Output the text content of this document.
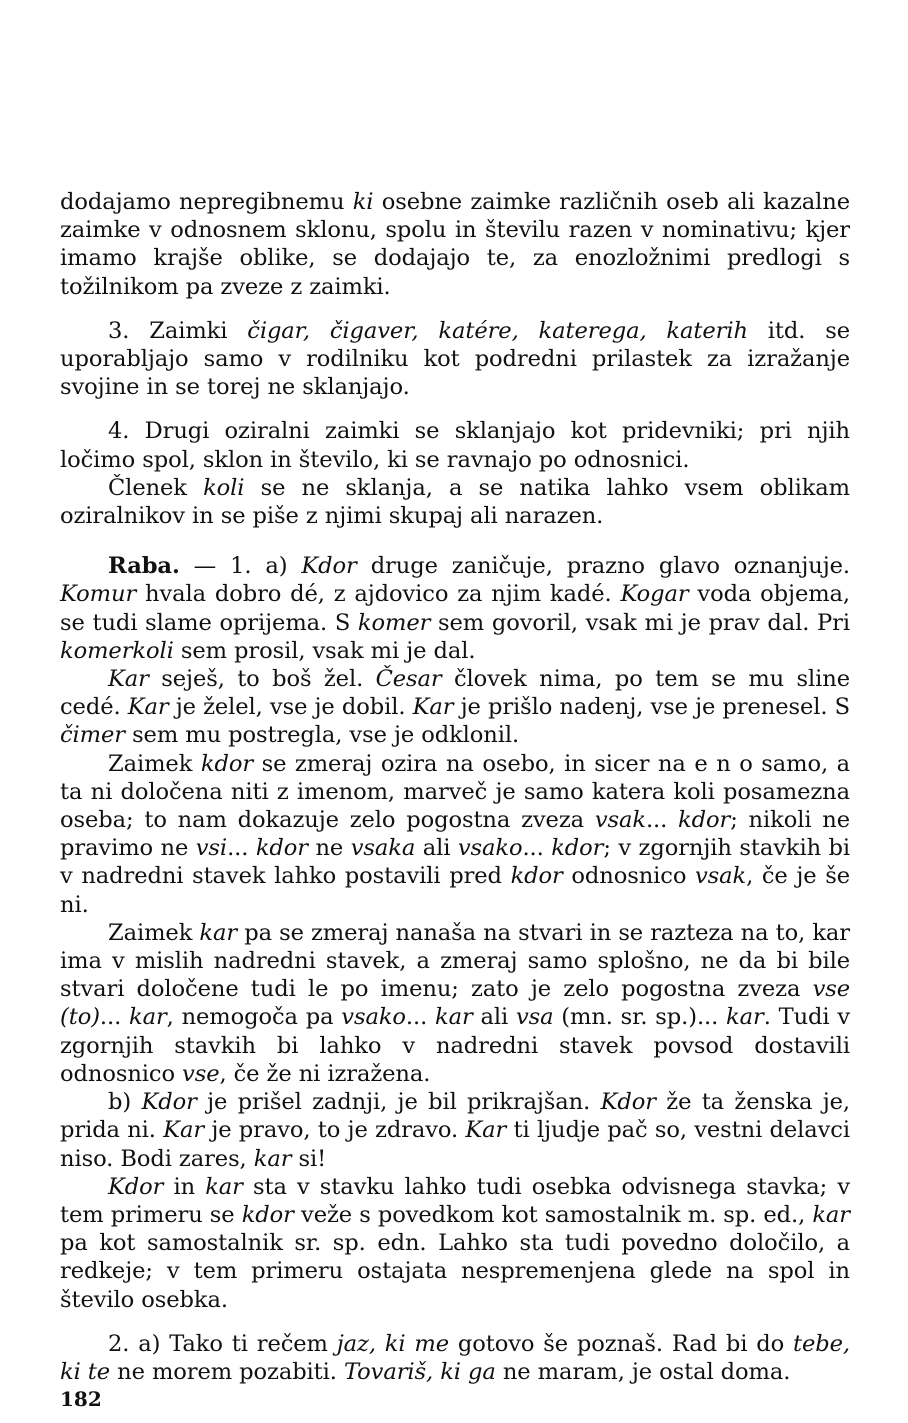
dodajamo nepregibnemu ki osebne zaimke različnih oseb ali kazalne zaimke v odnosnem sklonu, spolu in številu razen v nominativu; kjer imamo krajše oblike, se dodajajo te, za enozložnimi predlogi s tožilnikom pa zveze z zaimki.

3. Zaimki čigar, čigaver, katére, katerega, katerih itd. se uporabljajo samo v rodilniku kot podredni prilastek za izražanje svojine in se torej ne sklanjajo.

4. Drugi oziralni zaimki se sklanjajo kot pridevniki; pri njih ločimo spol, sklon in število, ki se ravnajo po odnosnici.

Členek koli se ne sklanja, a se natika lahko vsem oblikam oziralnikov in se piše z njimi skupaj ali narazen.

Raba. — 1. a) Kdor druge zaničuje, prazno glavo oznanjuje. Komur hvala dobro dé, z ajdovico za njim kadé. Kogar voda objema, se tudi slame oprijema. S komer sem govoril, vsak mi je prav dal. Pri komerkoli sem prosil, vsak mi je dal.

Kar seješ, to boš žel. Česar človek nima, po tem se mu sline cedé. Kar je želel, vse je dobil. Kar je prišlo nadenj, vse je prenesel. S čimer sem mu postregla, vse je odklonil.

Zaimek kdor se zmeraj ozira na osebo, in sicer na e n o samo, a ta ni določena niti z imenom, marveč je samo katera koli posamezna oseba; to nam dokazuje zelo pogostna zveza vsak... kdor; nikoli ne pravimo ne vsi... kdor ne vsaka ali vsako... kdor; v zgornjih stavkih bi v nadredni stavek lahko postavili pred kdor odnosnico vsak, če je še ni.

Zaimek kar pa se zmeraj nanaša na stvari in se razteza na to, kar ima v mislih nadredni stavek, a zmeraj samo splošno, ne da bi bile stvari določene tudi le po imenu; zato je zelo pogostna zveza vse (to)... kar, nemogoča pa vsako... kar ali vsa (mn. sr. sp.)... kar. Tudi v zgornjih stavkih bi lahko v nadredni stavek povsod dostavili odnosnico vse, če že ni izražena.

b) Kdor je prišel zadnji, je bil prikrajšan. Kdor že ta ženska je, prida ni. Kar je pravo, to je zdravo. Kar ti ljudje pač so, vestni delavci niso. Bodi zares, kar si!

Kdor in kar sta v stavku lahko tudi osebka odvisnega stavka; v tem primeru se kdor veže s povedkom kot samostalnik m. sp. ed., kar pa kot samostalnik sr. sp. edn. Lahko sta tudi povedno določilo, a redkeje; v tem primeru ostajata nespremenjena glede na spol in število osebka.

2. a) Tako ti rečem jaz, ki me gotovo še poznaš. Rad bi do tebe, ki te ne morem pozabiti. Tovariš, ki ga ne maram, je ostal doma.

182
